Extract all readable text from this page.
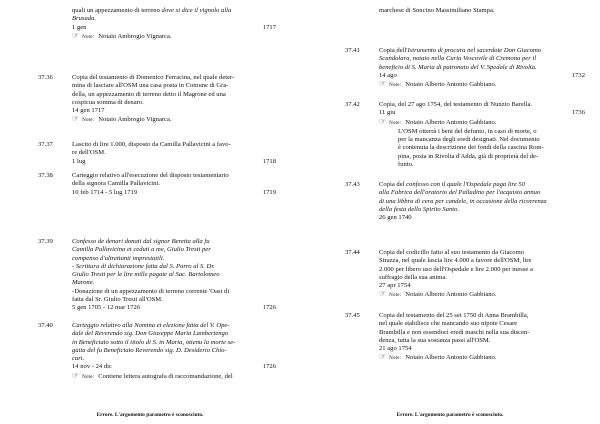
quali un appezzamento di terreno dove si dice il vignolo alla
Brusada.
1 gen	1717
☞ Note: Notaio Ambrogio Vignarca.
37.36	Copia del testamento di Domenico Ferracina, nel quale deter-
mina di lasciare all'OSM una casa posta in Comune di Gra-
della, un appezzamento di terreno detto il Magrone ed una
cospicua somma di denaro.
14 gen 1717
☞ Note: Notaio Ambrogio Vignarca.
37.37	Lascito di lire 1.000, disposto da Camilla Pallavicini a favo-
re dell'OSM.
1 lug	1718
37.38	Carteggio relativo all'esecuzione del disposto testamentario
della signora Camilla Pallavicini.
10 feb 1714 - 5 lug 1719	1719
37.39	Confesso de denari donati dal signor Beretta alla fu
Camilla Pallavicina et ceduti a me, Giulio Tresti per
compenso d'altrettanti imprestatili.
- Scrittura di dichiarazione fatta dal S. Porro al S. Dr.
Giulio Tresti per le lire mille pagate al Sac. Bartolomeo
Marone.
-Donazione di un appezzamento di terreno corrente 'Oasi di
fatta dal Sr. Giulio Tresti all'OSM.
5 gen 1705 - 12 mar 1726	1726
37.40	Carteggio relativo alla Nomina et elezione fatta del V. Ope-
dale del Reverendo sig. Don Giuseppe Maria Lambertengo
in Beneficiato sotto il titolo di S. in Maria, ottenu la morte se-
guita del fu Beneficiato Reverendo sig. D. Desiderio Chio-
cari.
14 nov - 24 dic	1726
☞ Note: Contiene lettera autografa di raccomandazione, del
Errore. L'argomento parametro è sconosciuto.
marchese di Soncino Massimiliano Stampa.
37.41	Copia dell'Istrumento di procura nel sacerdote Don Giacomo
Scandolara, notaio nella Curia Vescovile di Cremona per il
beneficio di S. Maria di patronato del V. Spedale di Rivolta.
14 ago	1732
☞ Note: Notaio Alberto Antonio Gabbiano.
37.42	Copia, del 27 ago 1754, del testamento di Nunzio Barella.
11 giu	1736
☞ Note: Notaio Alberto Antonio Gabbiano.
L'OSM otterrà i beni del defunto, in caso di morte, o
per la mancanza degli eredi designati. Nel documento
è contenuta la descrizione dei fondi della cascina Rom-
pina, posta in Rivolta d'Adda, già di proprietà del de-
funto.
37.43	Copia del confesso con il quale l'Ospedale paga lire 50
alla Fabrica dell'oratorio del Palladino per l'acquisto annuo
di una libbra di cera per candele, in occasione della ricorrenza
della festa dello Spirito Santo.
26 gen 1740
37.44	Copia del codicillo fatto al suo testamento da Giacomo
Strazza, nel quale lascia lire 4.000 a favore dell'OSM, lire
2.000 per libero uso dell'Ospedale e lire 2.000 per messe a
suffragio della sua anima.
27 apr 1754
☞ Note: Notaio Alberto Antonio Gabbiano.
37.45	Copia del testamento del 25 set 1750 di Anna Brambilla,
nel quale stabilisce che mancando suo nipote Cesare
Brambilla e non essendoci eredi maschi nella sua discen-
denza, tutta la sua sostanza passi all'OSM.
21 ago 1754
☞ Note: Notaio Alberto Antonio Gabbiano.
Errore. L'argomento parametro è sconosciuto.
